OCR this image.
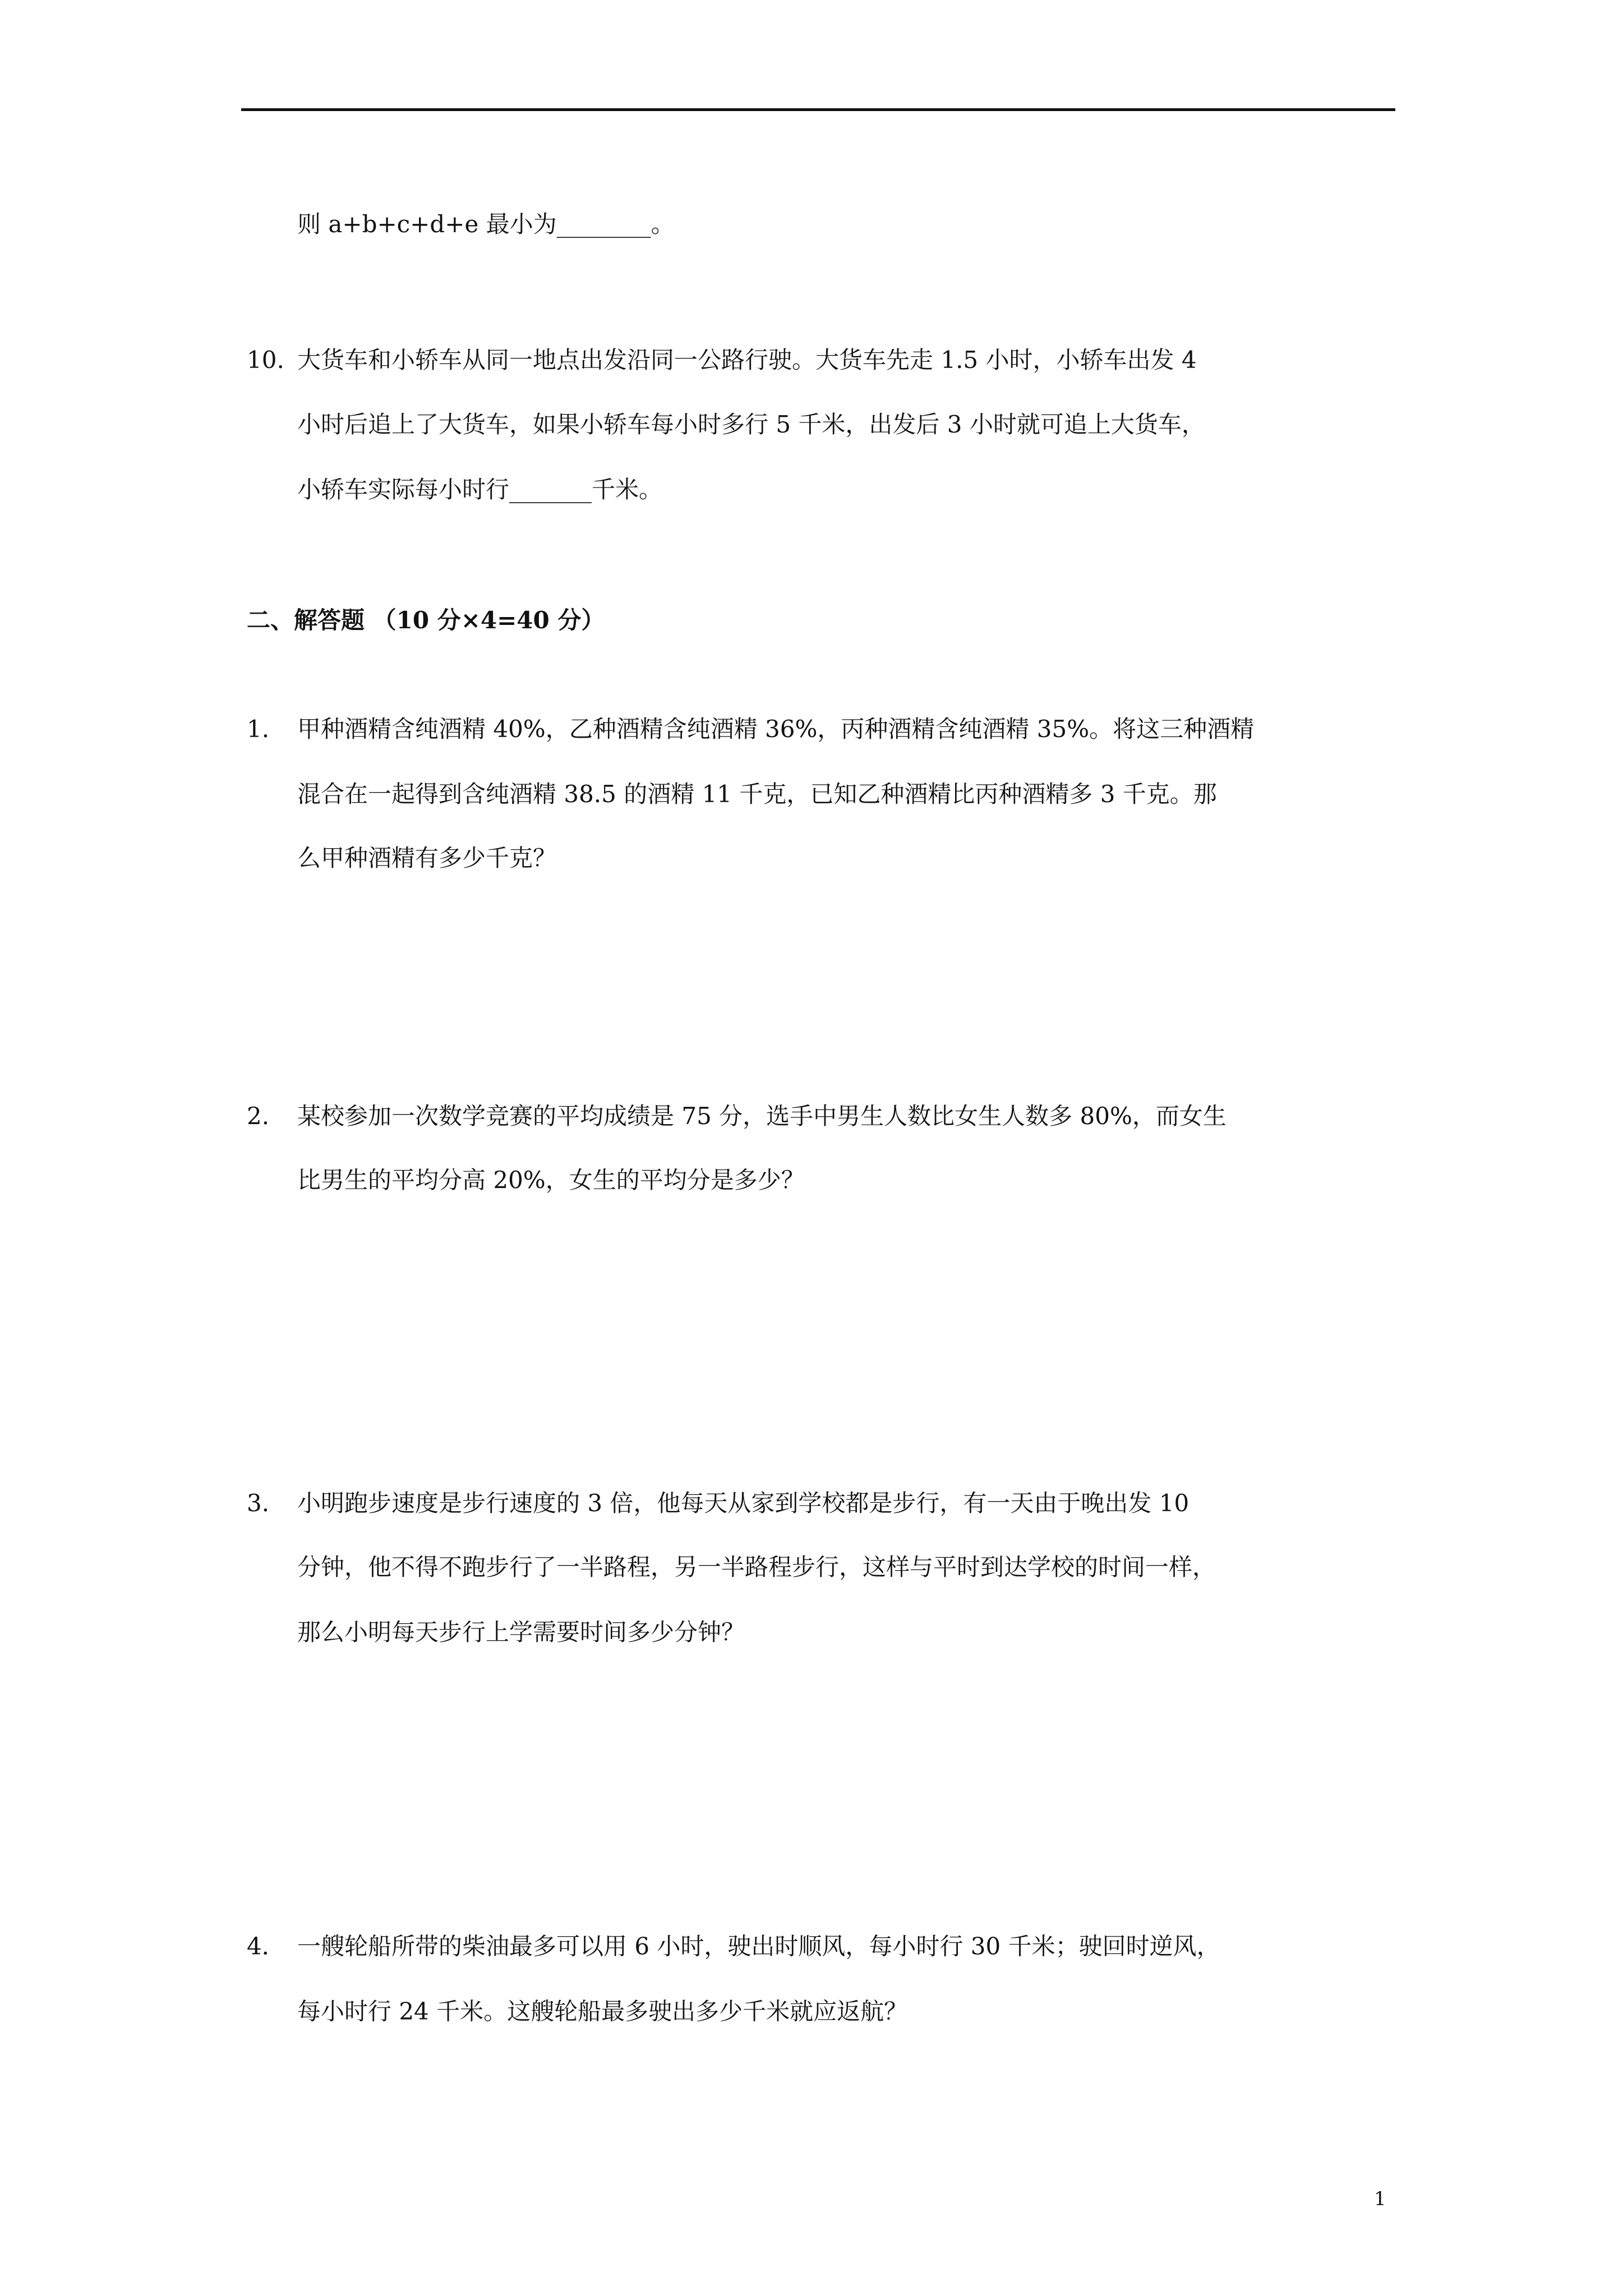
则 a+b+c+d+e 最小为________。

10. 大货车和小轿车从同一地点出发沿同一公路行驶。大货车先走 1.5 小时，小轿车出发 4

小时后追上了大货车，如果小轿车每小时多行 5 千米，出发后 3 小时就可追上大货车，

小轿车实际每小时行_______千米。

二、解答题 （10 分×4=40 分）
1. 甲种酒精含纯酒精 40%，乙种酒精含纯酒精 36%，丙种酒精含纯酒精 35%。将这三种酒精

混合在一起得到含纯酒精 38.5 的酒精 11 千克，已知乙种酒精比丙种酒精多 3 千克。那

么甲种酒精有多少千克？

2. 某校参加一次数学竞赛的平均成绩是 75 分，选手中男生人数比女生人数多 80%，而女生

比男生的平均分高 20%，女生的平均分是多少？

3. 小明跑步速度是步行速度的 3 倍，他每天从家到学校都是步行，有一天由于晚出发 10

分钟，他不得不跑步行了一半路程，另一半路程步行，这样与平时到达学校的时间一样，

那么小明每天步行上学需要时间多少分钟？

4． 一艘轮船所带的柴油最多可以用 6 小时，驶出时顺风，每小时行 30 千米；驶回时逆风，

每小时行 24 千米。这艘轮船最多驶出多少千米就应返航？

1
